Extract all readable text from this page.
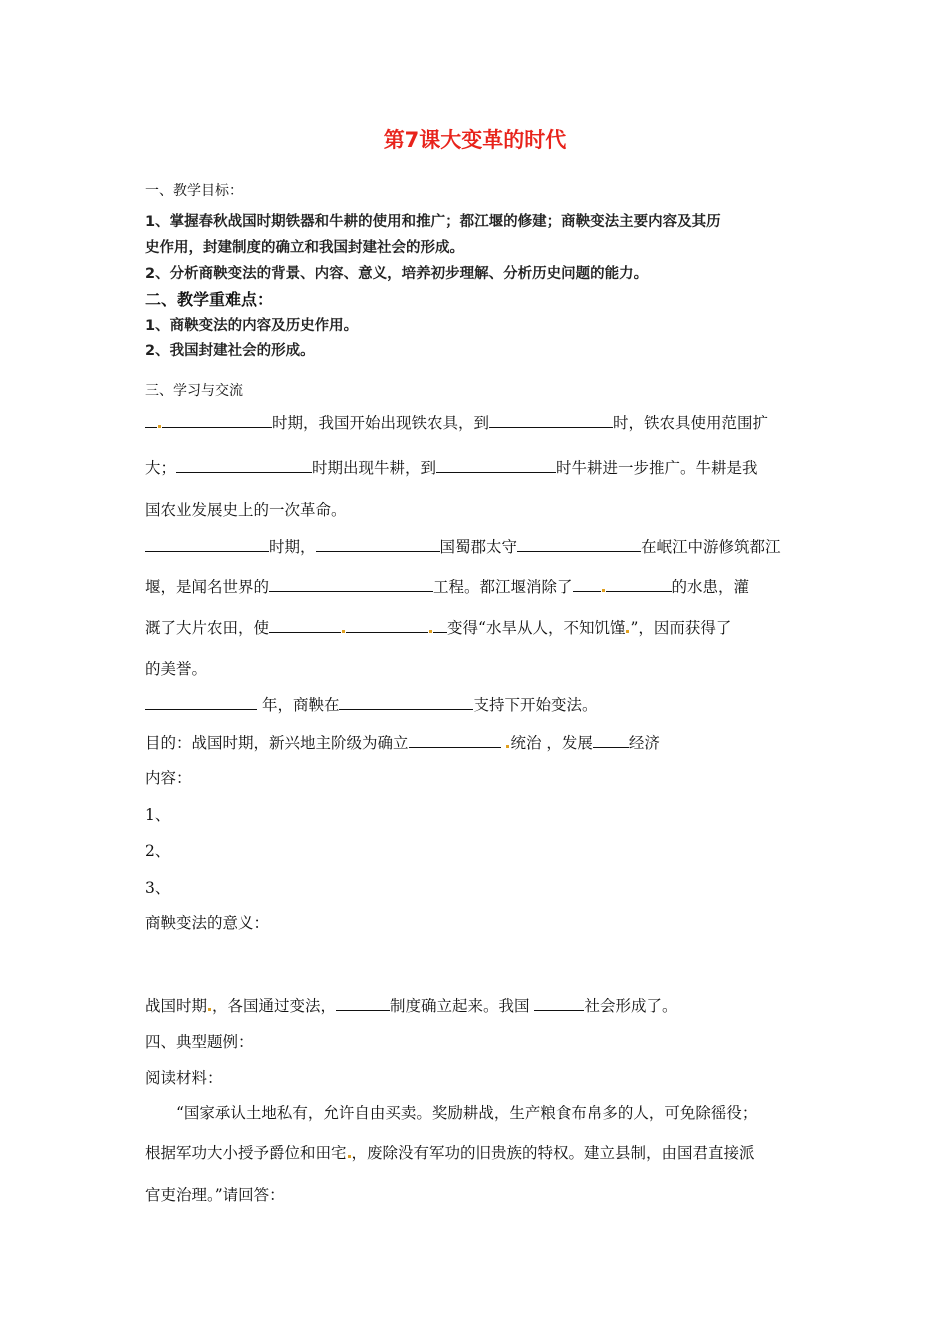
第7课大变革的时代
一、教学目标：
1、掌握春秋战国时期铁器和牛耕的使用和推广；都江堰的修建；商鞅变法主要内容及其历
史作用，封建制度的确立和我国封建社会的形成。
2、分析商鞅变法的背景、内容、意义，培养初步理解、分析历史问题的能力。
二、教学重难点：
1、商鞅变法的内容及历史作用。
2、我国封建社会的形成。
三、学习与交流
时期，我国开始出现铁农具，到	时，铁农具使用范围扩
大；	时期出现牛耕，到	时牛耕进一步推广。牛耕是我
国农业发展史上的一次革命。
时期，	国蜀郡太守	在岷江中游修筑都江
堰，是闻名世界的	工程。都江堰消除了	的水患，灌
溉了大片农田，使	变得“水旱从人，不知饥馑 ”，因而获得了
的美誉。
年，商鞅在	支持下开始变法。
目的：战国时期，新兴地主阶级为确立	统治 ，发展 经济
内容：
1、
2、
3、
商鞅变法的意义：
战国时期 ，各国通过变法，	制度确立起来。我国	社会形成了。
四、典型题例：
阅读材料：
“国家承认土地私有，允许自由买卖。奖励耕战，生产粮食布帛多的人，可免除徭役；
根据军功大小授予爵位和田宅 ，废除没有军功的旧贵族的特权。建立县制，由国君直接派
官吏治理。”请回答：
